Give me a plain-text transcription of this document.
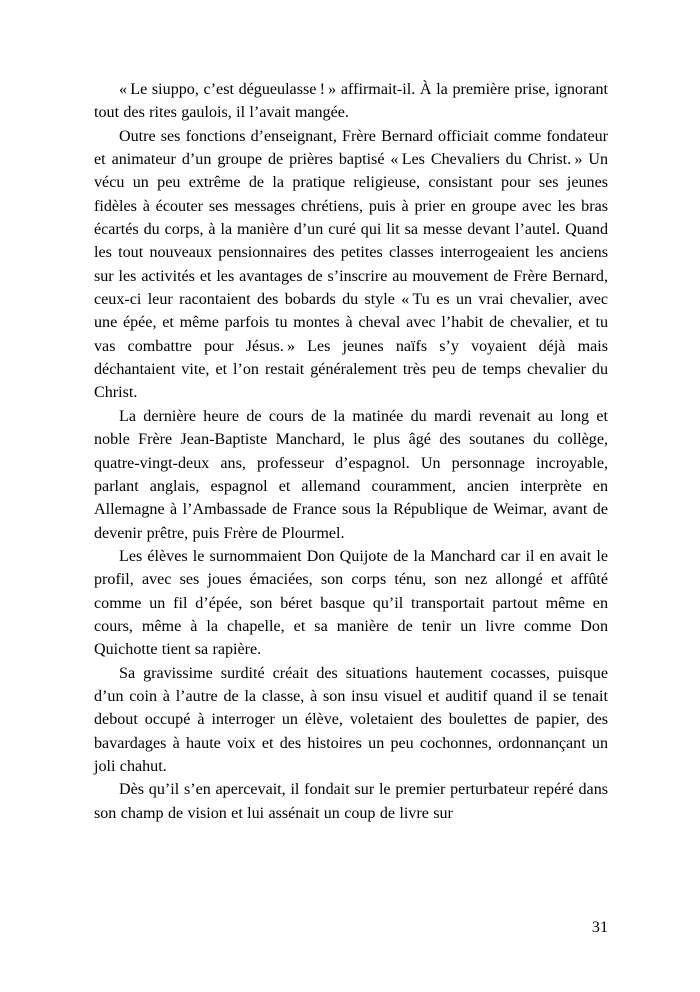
« Le siuppo, c’est dégueulasse ! » affirmait-il. À la première prise, ignorant tout des rites gaulois, il l’avait mangée.

Outre ses fonctions d’enseignant, Frère Bernard officiait comme fondateur et animateur d’un groupe de prières baptisé « Les Chevaliers du Christ. » Un vécu un peu extrême de la pratique religieuse, consistant pour ses jeunes fidèles à écouter ses messages chrétiens, puis à prier en groupe avec les bras écartés du corps, à la manière d’un curé qui lit sa messe devant l’autel. Quand les tout nouveaux pensionnaires des petites classes interrogeaient les anciens sur les activités et les avantages de s’inscrire au mouvement de Frère Bernard, ceux-ci leur racontaient des bobards du style « Tu es un vrai chevalier, avec une épée, et même parfois tu montes à cheval avec l’habit de chevalier, et tu vas combattre pour Jésus. » Les jeunes naïfs s’y voyaient déjà mais déchantaient vite, et l’on restait généralement très peu de temps chevalier du Christ.

La dernière heure de cours de la matinée du mardi revenait au long et noble Frère Jean-Baptiste Manchard, le plus âgé des soutanes du collège, quatre-vingt-deux ans, professeur d’espagnol. Un personnage incroyable, parlant anglais, espagnol et allemand couramment, ancien interprète en Allemagne à l’Ambassade de France sous la République de Weimar, avant de devenir prêtre, puis Frère de Plourmel.

Les élèves le surnommaient Don Quijote de la Manchard car il en avait le profil, avec ses joues émaciées, son corps ténu, son nez allongé et affûté comme un fil d’épée, son béret basque qu’il transportait partout même en cours, même à la chapelle, et sa manière de tenir un livre comme Don Quichotte tient sa rapière.

Sa gravissime surdité créait des situations hautement cocasses, puisque d’un coin à l’autre de la classe, à son insu visuel et auditif quand il se tenait debout occupé à interroger un élève, voletaient des boulettes de papier, des bavardages à haute voix et des histoires un peu cochonnes, ordonnançant un joli chahut.

Dès qu’il s’en apercevait, il fondait sur le premier perturbateur repéré dans son champ de vision et lui assénait un coup de livre sur

31
